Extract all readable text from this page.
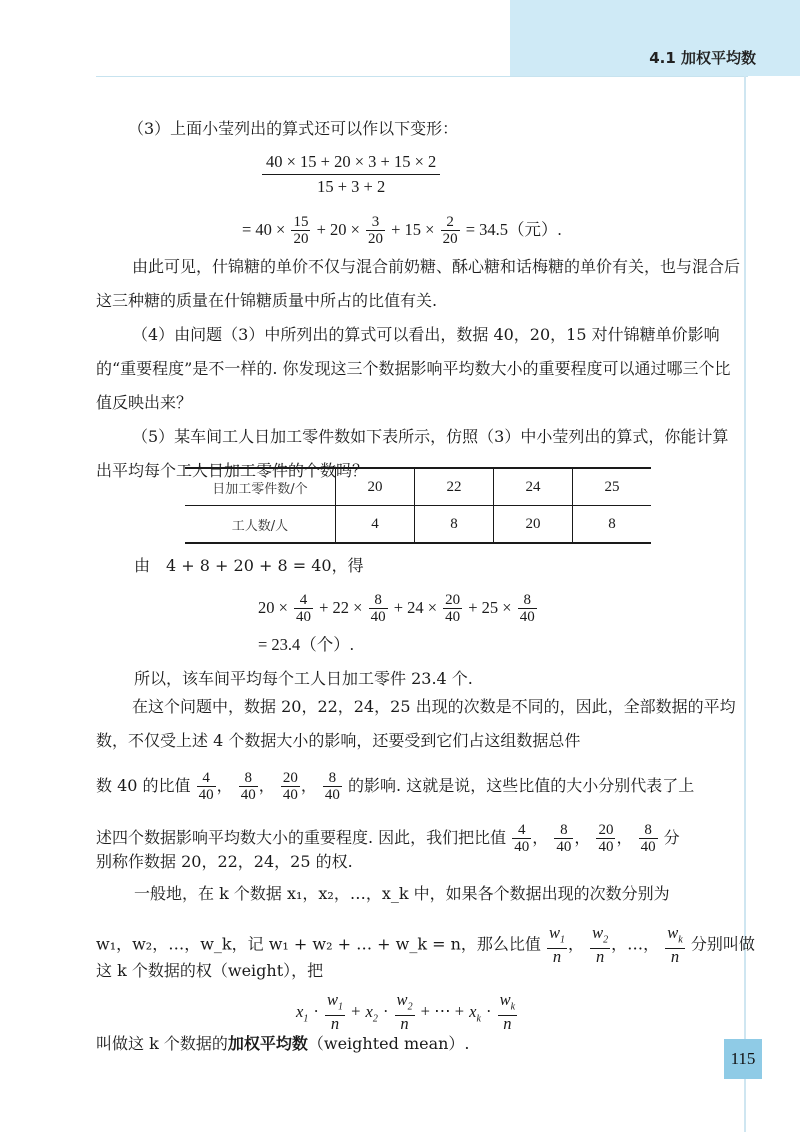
4.1 加权平均数
（3）上面小莹列出的算式还可以作以下变形：
$\frac{40 \times 15 + 20 \times 3 + 15 \times 2}{15 + 3 + 2}$
= $40 \times \frac{15}{20} + 20 \times \frac{3}{20} + 15 \times \frac{2}{20} = 34.5$（元）.
由此可见，什锦糖的单价不仅与混合前奶糖、酥心糖和话梅糖的单价有关，也与混合后这三种糖的质量在什锦糖质量中所占的比值有关.
（4）由问题（3）中所列出的算式可以看出，数据 40，20，15 对什锦糖单价影响的“重要程度”是不一样的. 你发现这三个数据影响平均数大小的重要程度可以通过哪三个比值反映出来？
（5）某车间工人日加工零件数如下表所示，仿照（3）中小莹列出的算式，你能计算出平均每个工人日加工零件的个数吗？
日加工零件数/个	20	22	24	25
工人数/人	4	8	20	8
由　4 + 8 + 20 + 8 = 40，得
$20 \times \frac{4}{40} + 22 \times \frac{8}{40} + 24 \times \frac{20}{40} + 25 \times \frac{8}{40}$
= 23.4（个）.
所以，该车间平均每个工人日加工零件 23.4 个.
在这个问题中，数据 20，22，24，25 出现的次数是不同的，因此，全部数据的平均数，不仅受上述 4 个数据大小的影响，还要受到它们占这组数据总件
数 40 的比值 $\frac{4}{40}$ ， $\frac{8}{40}$ ， $\frac{20}{40}$ ， $\frac{8}{40}$ 的影响. 这就是说，这些比值的大小分别代表了上
述四个数据影响平均数大小的重要程度. 因此，我们把比值 $\frac{4}{40}$ ， $\frac{8}{40}$ ， $\frac{20}{40}$ ， $\frac{8}{40}$ 分
别称作数据 20，22，24，25 的权.
一般地，在 k 个数据 x₁，x₂，…，x_k 中，如果各个数据出现的次数分别为
w₁，w₂，…，w_k，记 w₁ + w₂ + … + w_k = n，那么比值 $\frac{w_1}{n}$ ， $\frac{w_2}{n}$ ，…， $\frac{w_k}{n}$ 分别叫做
这 k 个数据的权（weight），把
$x_1 \cdot \frac{w_1}{n} + x_2 \cdot \frac{w_2}{n}$ + ⋯ + $x_k \cdot \frac{w_k}{n}$
叫做这 k 个数据的加权平均数（weighted mean）.
115
